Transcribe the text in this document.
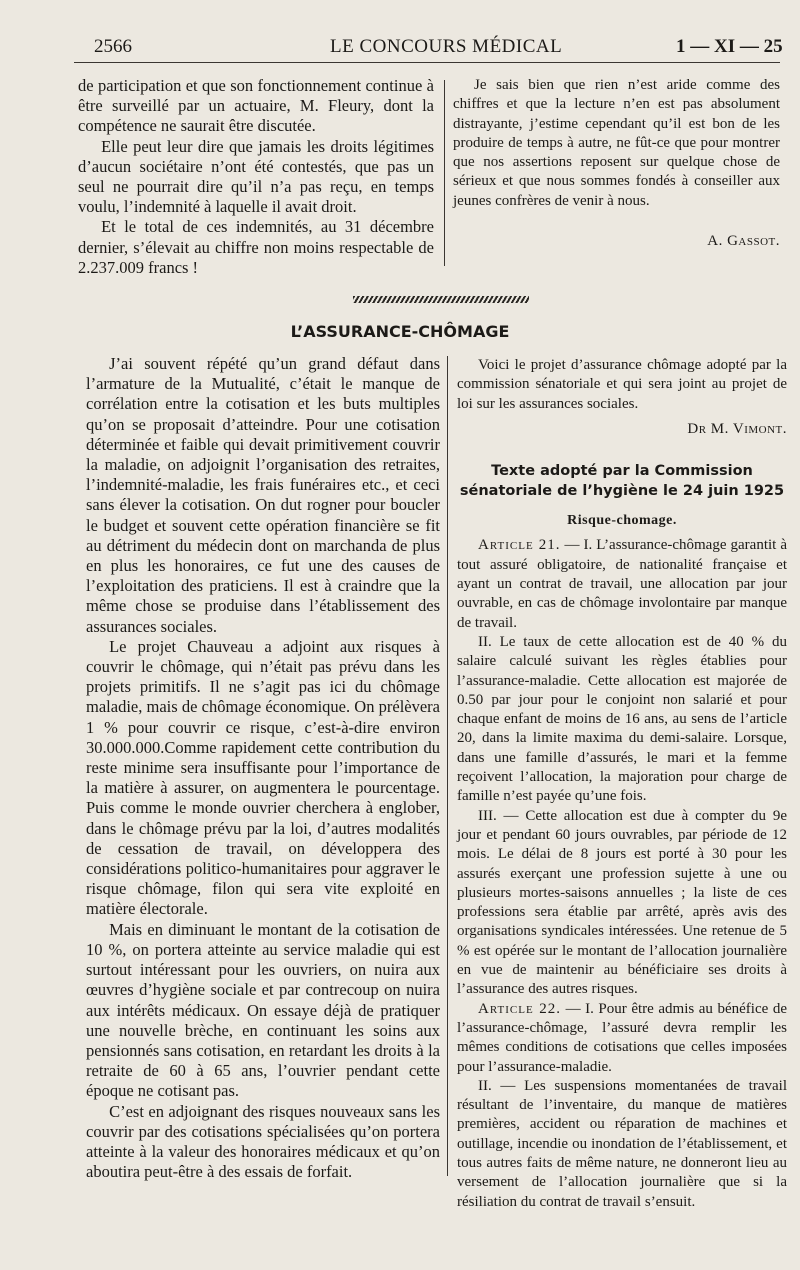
2566	LE CONCOURS MÉDICAL	1 — XI — 25

de participation et que son fonctionnement continue à être surveillé par un actuaire, M. Fleury, dont la compétence ne saurait être discutée.

Elle peut leur dire que jamais les droits légitimes d’aucun sociétaire n’ont été contestés, que pas un seul ne pourrait dire qu’il n’a pas reçu, en temps voulu, l’indemnité à laquelle il avait droit.

Et le total de ces indemnités, au 31 décembre dernier, s’élevait au chiffre non moins respectable de 2.237.009 francs !

Je sais bien que rien n’est aride comme des chiffres et que la lecture n’en est pas absolument distrayante, j’estime cependant qu’il est bon de les produire de temps à autre, ne fût-ce que pour montrer que nos assertions reposent sur quelque chose de sérieux et que nous sommes fondés à conseiller aux jeunes confrères de venir à nous.

A. Gassot.

L’ASSURANCE-CHÔMAGE

J’ai souvent répété qu’un grand défaut dans l’armature de la Mutualité, c’était le manque de corrélation entre la cotisation et les buts multiples qu’on se proposait d’atteindre. Pour une cotisation déterminée et faible qui devait primitivement couvrir la maladie, on adjoignit l’organisation des retraites, l’indemnité-maladie, les frais funéraires etc., et ceci sans élever la cotisation. On dut rogner pour boucler le budget et souvent cette opération financière se fit au détriment du médecin dont on marchanda de plus en plus les honoraires, ce fut une des causes de l’exploitation des praticiens. Il est à craindre que la même chose se produise dans l’établissement des assurances sociales.

Le projet Chauveau a adjoint aux risques à couvrir le chômage, qui n’était pas prévu dans les projets primitifs. Il ne s’agit pas ici du chômage maladie, mais de chômage économique. On prélèvera 1 % pour couvrir ce risque, c’est-à-dire environ 30.000.000.Comme rapidement cette contribution du reste minime sera insuffisante pour l’importance de la matière à assurer, on augmentera le pourcentage. Puis comme le monde ouvrier cherchera à englober, dans le chômage prévu par la loi, d’autres modalités de cessation de travail, on développera des considérations politico-humanitaires pour aggraver le risque chômage, filon qui sera vite exploité en matière électorale.

Mais en diminuant le montant de la cotisation de 10 %, on portera atteinte au service maladie qui est surtout intéressant pour les ouvriers, on nuira aux œuvres d’hygiène sociale et par contrecoup on nuira aux intérêts médicaux. On essaye déjà de pratiquer une nouvelle brèche, en continuant les soins aux pensionnés sans cotisation, en retardant les droits à la retraite de 60 à 65 ans, l’ouvrier pendant cette époque ne cotisant pas.

C’est en adjoignant des risques nouveaux sans les couvrir par des cotisations spécialisées qu’on portera atteinte à la valeur des honoraires médicaux et qu’on aboutira peut-être à des essais de forfait.

Voici le projet d’assurance chômage adopté par la commission sénatoriale et qui sera joint au projet de loi sur les assurances sociales.

Dr M. Vimont.

Texte adopté par la Commission sénatoriale de l’hygiène le 24 juin 1925

Risque-chomage.

Article 21. — I. L’assurance-chômage garantit à tout assuré obligatoire, de nationalité française et ayant un contrat de travail, une allocation par jour ouvrable, en cas de chômage involontaire par manque de travail.

II. Le taux de cette allocation est de 40 % du salaire calculé suivant les règles établies pour l’assurance-maladie. Cette allocation est majorée de 0.50 par jour pour le conjoint non salarié et pour chaque enfant de moins de 16 ans, au sens de l’article 20, dans la limite maxima du demi-salaire. Lorsque, dans une famille d’assurés, le mari et la femme reçoivent l’allocation, la majoration pour charge de famille n’est payée qu’une fois.

III. — Cette allocation est due à compter du 9e jour et pendant 60 jours ouvrables, par période de 12 mois. Le délai de 8 jours est porté à 30 pour les assurés exerçant une profession sujette à une ou plusieurs mortes-saisons annuelles ; la liste de ces professions sera établie par arrêté, après avis des organisations syndicales intéressées. Une retenue de 5 % est opérée sur le montant de l’allocation journalière en vue de maintenir au bénéficiaire ses droits à l’assurance des autres risques.

Article 22. — I. Pour être admis au bénéfice de l’assurance-chômage, l’assuré devra remplir les mêmes conditions de cotisations que celles imposées pour l’assurance-maladie.

II. — Les suspensions momentanées de travail résultant de l’inventaire, du manque de matières premières, accident ou réparation de machines et outillage, incendie ou inondation de l’établissement, et tous autres faits de même nature, ne donneront lieu au versement de l’allocation journalière que si la résiliation du contrat de travail s’ensuit.
